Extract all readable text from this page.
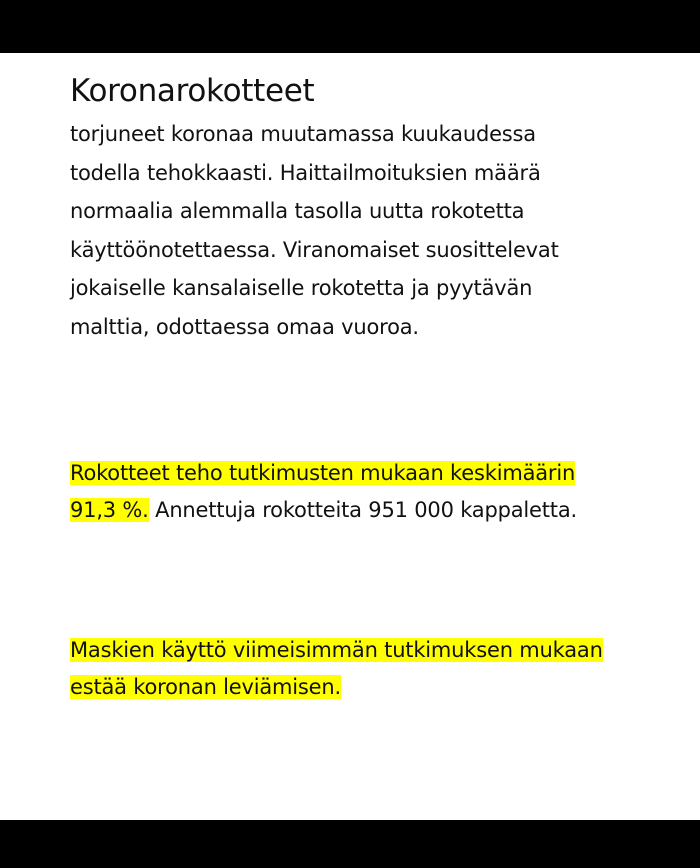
Koronarokotteet

torjuneet koronaa muutamassa kuukaudessa todella tehokkaasti. Haittailmoituksien määrä normaalia alemmalla tasolla uutta rokotetta käyttöönotettaessa. Viranomaiset suosittelevat jokaiselle kansalaiselle rokotetta ja pyytävän malttia, odottaessa omaa vuoroa.

Rokotteet teho tutkimusten mukaan keskimäärin 91,3 %. Annettuja rokotteita 951 000 kappaletta.

Maskien käyttö viimeisimmän tutkimuksen mukaan estää koronan leviämisen.
